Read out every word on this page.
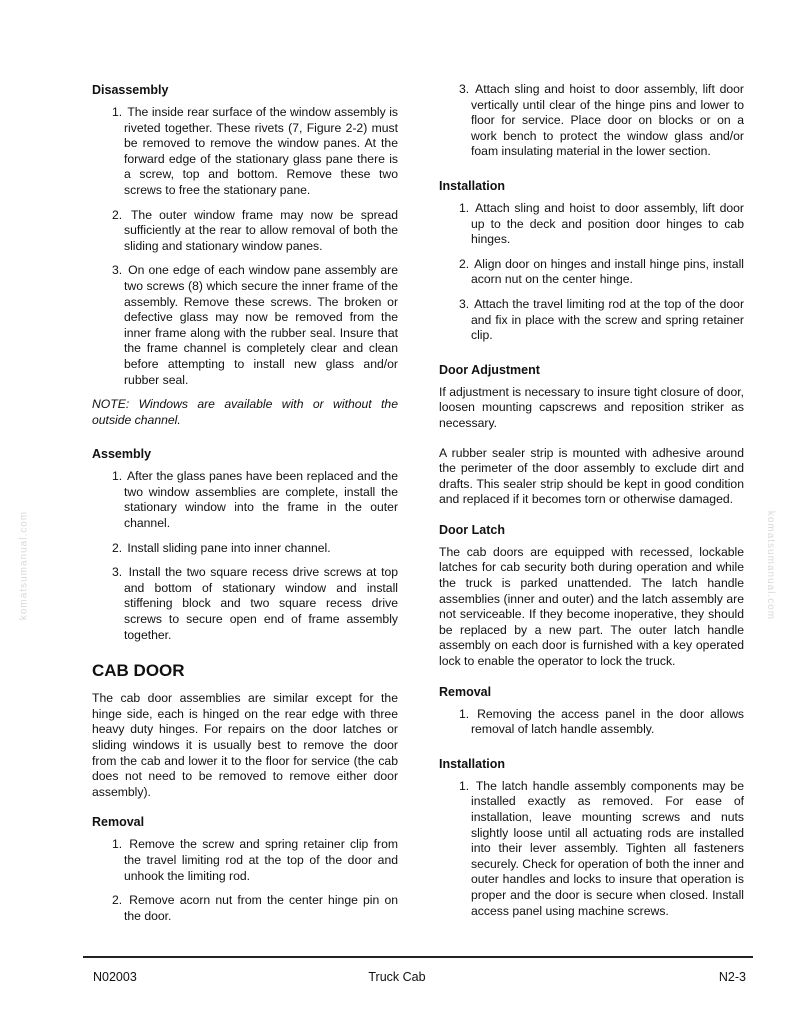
komatsumanual.com	komatsumanual.com
Disassembly
1. The inside rear surface of the window assembly is riveted together. These rivets (7, Figure 2-2) must be removed to remove the window panes. At the forward edge of the stationary glass pane there is a screw, top and bottom. Remove these two screws to free the stationary pane.
2. The outer window frame may now be spread sufficiently at the rear to allow removal of both the sliding and stationary window panes.
3. On one edge of each window pane assembly are two screws (8) which secure the inner frame of the assembly. Remove these screws. The broken or defective glass may now be removed from the inner frame along with the rubber seal. Insure that the frame channel is completely clear and clean before attempting to install new glass and/or rubber seal.

NOTE: Windows are available with or without the outside channel.

Assembly
1. After the glass panes have been replaced and the two window assemblies are complete, install the stationary window into the frame in the outer channel.
2. Install sliding pane into inner channel.
3. Install the two square recess drive screws at top and bottom of stationary window and install stiffening block and two square recess drive screws to secure open end of frame assembly together.
CAB DOOR

The cab door assemblies are similar except for the hinge side, each is hinged on the rear edge with three heavy duty hinges. For repairs on the door latches or sliding windows it is usually best to remove the door from the cab and lower it to the floor for service (the cab does not need to be removed to remove either door assembly).

Removal
1. Remove the screw and spring retainer clip from the travel limiting rod at the top of the door and unhook the limiting rod.
2. Remove acorn nut from the center hinge pin on the door.
3. Attach sling and hoist to door assembly, lift door vertically until clear of the hinge pins and lower to floor for service. Place door on blocks or on a work bench to protect the window glass and/or foam insulating material in the lower section.
Installation
1. Attach sling and hoist to door assembly, lift door up to the deck and position door hinges to cab hinges.
2. Align door on hinges and install hinge pins, install acorn nut on the center hinge.
3. Attach the travel limiting rod at the top of the door and fix in place with the screw and spring retainer clip.
Door Adjustment

If adjustment is necessary to insure tight closure of door, loosen mounting capscrews and reposition striker as necessary.

A rubber sealer strip is mounted with adhesive around the perimeter of the door assembly to exclude dirt and drafts. This sealer strip should be kept in good condition and replaced if it becomes torn or otherwise damaged.

Door Latch

The cab doors are equipped with recessed, lockable latches for cab security both during operation and while the truck is parked unattended. The latch handle assemblies (inner and outer) and the latch assembly are not serviceable. If they become inoperative, they should be replaced by a new part. The outer latch handle assembly on each door is furnished with a key operated lock to enable the operator to lock the truck.

Removal
1. Removing the access panel in the door allows removal of latch handle assembly.
Installation
1. The latch handle assembly components may be installed exactly as removed. For ease of installation, leave mounting screws and nuts slightly loose until all actuating rods are installed into their lever assembly. Tighten all fasteners securely. Check for operation of both the inner and outer handles and locks to insure that operation is proper and the door is secure when closed. Install access panel using machine screws.
N02003	Truck Cab	N2-3
